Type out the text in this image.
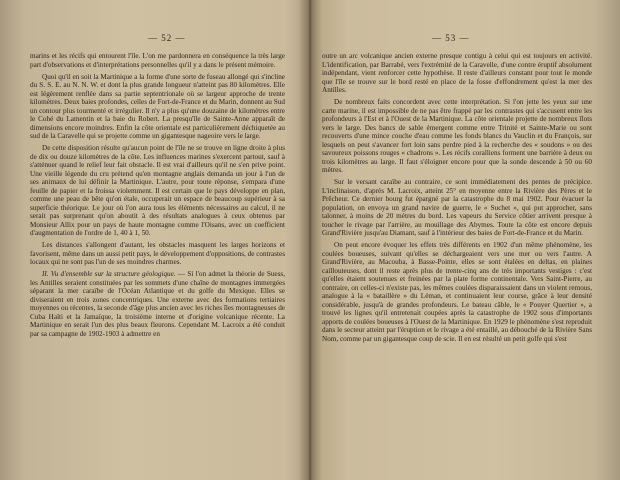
— 52 —

marins et les récifs qui entourent l'île. L'on me pardonnera en conséquence la très large part d'observations et d'interprétations personnelles qu'il y a dans le présent mémoire.

Quoi qu'il en soit la Martinique a la forme d'une sorte de fuseau allongé qui s'incline du S. S. E. au N. N. W. et dont la plus grande longueur n'atteint pas 80 kilomètres. Elle est légèrement renflée dans sa partie septentrionale où se largeur approche de trente kilomètres. Deux baies profondes, celles de Fort-de-France et du Marin, donnent au Sud un contour plus tourmenté et irrégulier. Il n'y a plus qu'une douzaine de kilomètres entre le Cohé du Lamentin et la baie du Robert. La presqu'île de Sainte-Anne apparaît de dimensions encore moindres. Enfin la côte orientale est particulièrement déchiquetée au sud de la Caravelle qui se projette comme un gigantesque nageoire vers le large.

De cette disposition résulte qu'aucun point de l'île ne se trouve en ligne droite à plus de dix ou douze kilomètres de la côte. Les influences marines s'exercent partout, sauf à s'atténuer quand le relief leur fait obstacle. Il est vrai d'ailleurs qu'il ne s'en prive point. Une vieille légende du cru prétend qu'en montagne anglais demanda un jour à l'un de ses animaux de lui définir la Martinique. L'autre, pour toute réponse, s'empara d'une feuille de papier et la froissa violemment. Il est certain que le pays développe en plan, comme une peau de bête qu'on étale, occuperait un espace de beaucoup supérieur à sa superficie théorique. Le jour où l'on aura tous les éléments nécessaires au calcul, il ne serait pas surprenant qu'on aboutit à des résultats analogues à ceux obtenus par Monsieur Allix pour un pays de haute montagne comme l'Oisans, avec un coefficient d'augmentation de l'ordre de 1, 40 à 1, 50.

Les distances s'allongent d'autant, les obstacles masquent les larges horizons et favorisent, même dans un aussi petit pays, le développement d'oppositions, de contrastes locaux qui ne sont pas l'un de ses moindres charmes.

II. Vu d'ensemble sur la structure géologique. — Si l'on admet la théorie de Suess, les Antilles seraient constituées par les sommets d'une chaîne de montagnes immergées séparant la mer caraïbe de l'Océan Atlantique et du golfe du Mexique. Elles se diviseraient en trois zones concentriques. Une externe avec des formations tertiaires moyennes ou récentes, la seconde d'âge plus ancien avec les riches îles montagneuses de Cuba Haïti et la Jamaïque, la troisième interne et d'origine volcanique récente. La Martinique en serait l'un des plus beaux fleurons. Cependant M. Lacroix a été conduit par sa campagne de 1902-1903 à admettre en

— 53 —

outre un arc volcanique ancien externe presque contigu à celui qui est toujours en activité. L'identification, par Barrabé, vers l'extrémité de la Caravelle, d'une contre éruptif absolument indépendant, vient renforcer cette hypothèse. Il reste d'ailleurs constant pour tout le monde que l'île se trouve sur le bord resté en place de la fosse d'effondrement qu'est la mer des Antilles.

De nombreux faits concordent avec cette interprétation. Si l'on jette les yeux sur une carte marine, il est impossible de ne pas être frappé par les contrastes qui s'accusent entre les profondeurs à l'Est et à l'Ouest de la Martinique. La côte orientale projette de nombreux îlots vers le large. Des bancs de sable émergent comme entre Trinité et Sainte-Marie ou sont recouverts d'une mince couche d'eau comme les fonds blancs du Vauclin et du François, sur lesquels on peut s'avancer fort loin sans perdre pied à la recherche des « soudons » ou des savoureux poissons rouges « chadrons ». Les récifs coralliens forment une barrière à deux ou trois kilomètres au large. Il faut s'éloigner encore pour que la sonde descende à 50 ou 60 mètres.

Sur le versant caraïbe au contraire, ce sont immédiatement des pentes de précipice. L'inclinaison, d'après M. Lacroix, atteint 25° en moyenne entre la Rivière des Pères et le Prêcheur. Ce dernier bourg fut épargné par la catastrophe du 8 mai 1902. Pour évacuer la population, on envoya un grand navire de guerre, le « Suchet », qui put approcher, sans talonner, à moins de 20 mètres du bord. Les vapeurs du Service côtier arrivent presque à toucher le rivage par l'arrière, au mouillage des Abymes. Toute la côte est encore depuis Grand'Rivière jusqu'au Diamant, sauf à l'intérieur des baies de Fort-de-France et du Marin.

On peut encore évoquer les effets très différents en 1902 d'un même phénomène, les coulées boueuses, suivant qu'elles se déchargeaient vers une mer ou vers l'autre. A Grand'Rivière, au Macouba, à Basse-Pointe, elles se sont étalées en deltas, en plaines caillouteuses, dont il reste après plus de trente-cinq ans de très importants vestiges : c'est qu'elles étaient soutenues et freinées par la plate forme continentale. Vers Saint-Pierre, au contraire, on celles-ci n'existe pas, les mêmes coulées disparaissaient dans un violent remous, analogue à la « bataillère » du Léman, et continuaient leur course, grâce à leur densité considérable, jusqu'à de grandes profondeurs. Le bateau câble, le « Pouyer Quertier », a trouvé les lignes qu'il entretenait coupées après la catastrophe de 1902 sous d'importants apports de coulées boueuses à l'Ouest de la Martinique. En 1929 le phénomène s'est reproduit dans le secteur atteint par l'éruption et le rivage a été entaillé, au débouché de la Rivière Sans Nom, comme par un gigantesque coup de scie. Il en est résulté un petit golfe qui s'est
